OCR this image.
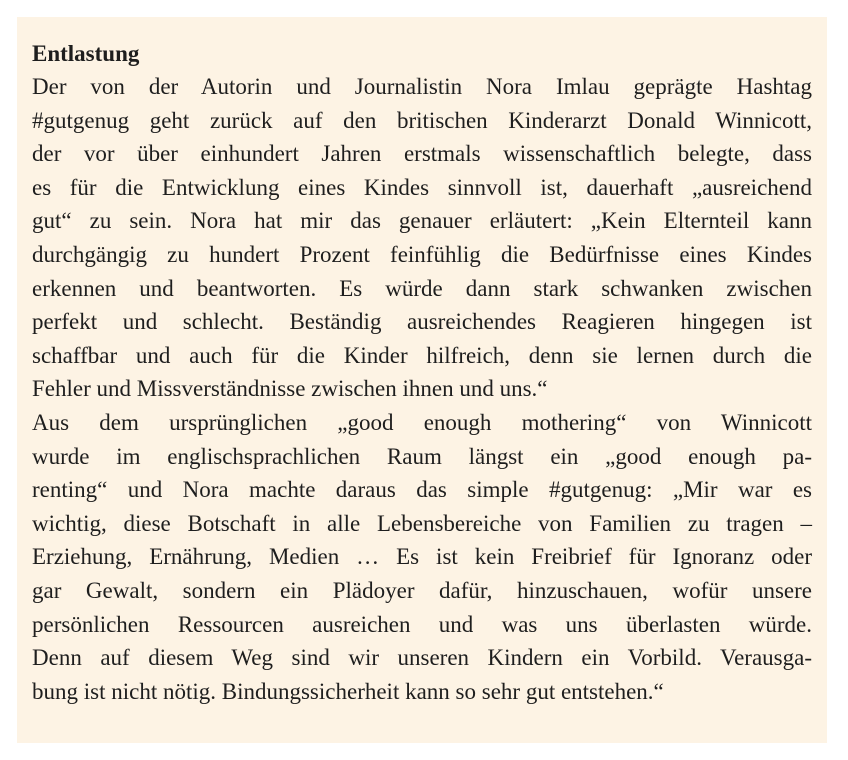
Entlastung

Der von der Autorin und Journalistin Nora Imlau geprägte Hashtag
#gutgenug geht zurück auf den britischen Kinderarzt Donald Winnicott,
der vor über einhundert Jahren erstmals wissenschaftlich belegte, dass
es für die Entwicklung eines Kindes sinnvoll ist, dauerhaft „ausreichend
gut“ zu sein. Nora hat mir das genauer erläutert: „Kein Elternteil kann
durchgängig zu hundert Prozent feinfühlig die Bedürfnisse eines Kindes
erkennen und beantworten. Es würde dann stark schwanken zwischen
perfekt und schlecht. Beständig ausreichendes Reagieren hingegen ist
schaffbar und auch für die Kinder hilfreich, denn sie lernen durch die
Fehler und Missverständnisse zwischen ihnen und uns.“

Aus dem ursprünglichen „good enough mothering“ von Winnicott
wurde im englischsprachlichen Raum längst ein „good enough pa-
renting“ und Nora machte daraus das simple #gutgenug: „Mir war es
wichtig, diese Botschaft in alle Lebensbereiche von Familien zu tragen –
Erziehung, Ernährung, Medien … Es ist kein Freibrief für Ignoranz oder
gar Gewalt, sondern ein Plädoyer dafür, hinzuschauen, wofür unsere
persönlichen Ressourcen ausreichen und was uns überlasten würde.
Denn auf diesem Weg sind wir unseren Kindern ein Vorbild. Verausga-
bung ist nicht nötig. Bindungssicherheit kann so sehr gut entstehen.“
